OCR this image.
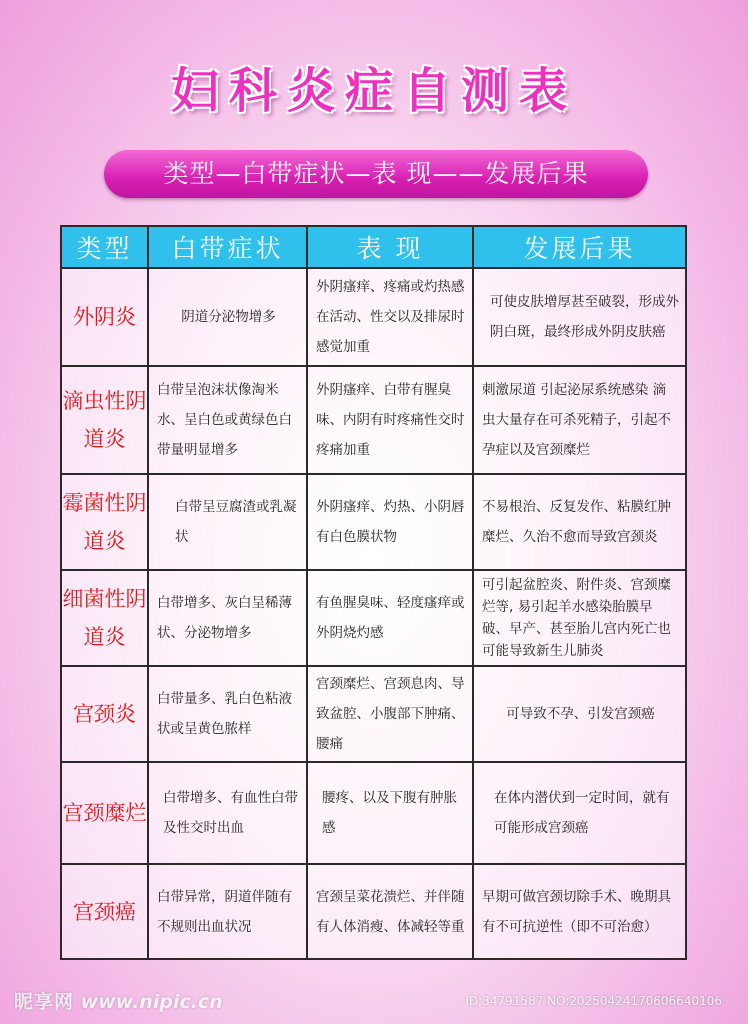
妇科炎症自测表
类型—白带症状—表 现——发展后果
类型	白带症状	表 现	发展后果
外阴炎	阴道分泌物增多	外阴瘙痒、疼痛或灼热感在活动、性交以及排尿时感觉加重	可使皮肤增厚甚至破裂，形成外阴白斑，最终形成外阴皮肤癌
滴虫性阴道炎	白带呈泡沫状像淘米水、呈白色或黄绿色白带量明显增多	外阴瘙痒、白带有腥臭味、内阴有时疼痛性交时疼痛加重	刺激尿道 引起泌尿系统感染 滴虫大量存在可杀死精子，引起不孕症以及宫颈糜烂
霉菌性阴道炎	白带呈豆腐渣或乳凝状	外阴瘙痒、灼热、小阴唇有白色膜状物	不易根治、反复发作、粘膜红肿糜烂、久治不愈而导致宫颈炎
细菌性阴道炎	白带增多、灰白呈稀薄状、分泌物增多	有鱼腥臭味、轻度瘙痒或外阴烧灼感	可引起盆腔炎、附件炎、宫颈糜烂等, 易引起羊水感染胎膜早破、早产、甚至胎儿宫内死亡也可能导致新生儿肺炎
宫颈炎	白带量多、乳白色粘液状或呈黄色脓样	宫颈糜烂、宫颈息肉、导致盆腔、小腹部下肿痛、腰痛	可导致不孕、引发宫颈癌
宫颈糜烂	白带增多、有血性白带及性交时出血	腰疼、以及下腹有肿胀感	在体内潜伏到一定时间，就有可能形成宫颈癌
宫颈癌	白带异常，阴道伴随有不规则出血状况	宫颈呈菜花溃烂、并伴随有人体消瘦、体减轻等重	早期可做宫颈切除手术、晚期具有不可抗逆性（即不可治愈）
昵享网 www.nipic.cn	ID:34791587 NO:20250424170606640106
